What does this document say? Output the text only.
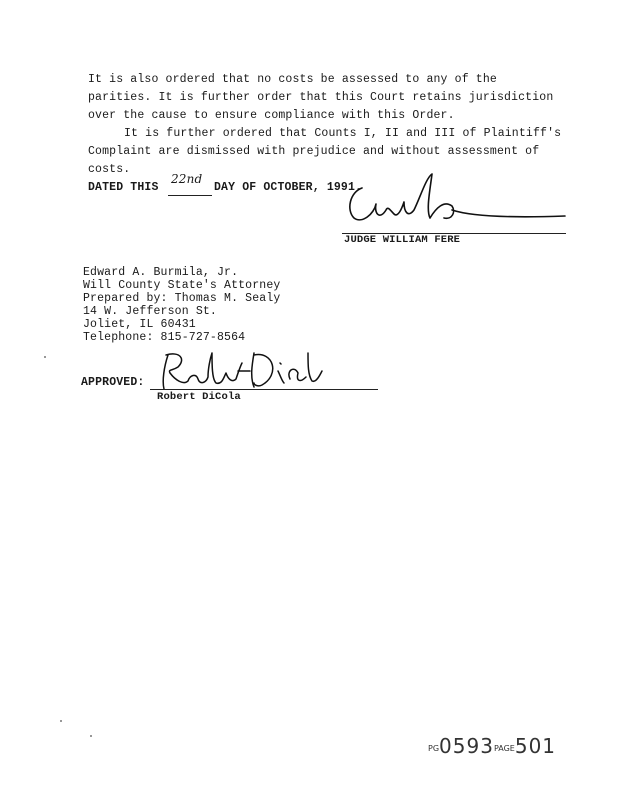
It is also ordered that no costs be assessed to any of the
parities. It is further order that this Court retains jurisdiction
over the cause to ensure compliance with this Order.
It is further ordered that Counts I, II and III of Plaintiff's
Complaint are dismissed with prejudice and without assessment of
costs.
DATED THIS
22nd
DAY OF OCTOBER, 1991.
JUDGE WILLIAM FERE
Edward A. Burmila, Jr.
Will County State's Attorney
Prepared by: Thomas M. Sealy
14 W. Jefferson St.
Joliet, IL 60431
Telephone: 815-727-8564
APPROVED:
Robert DiCola
PG0593PAGE501
